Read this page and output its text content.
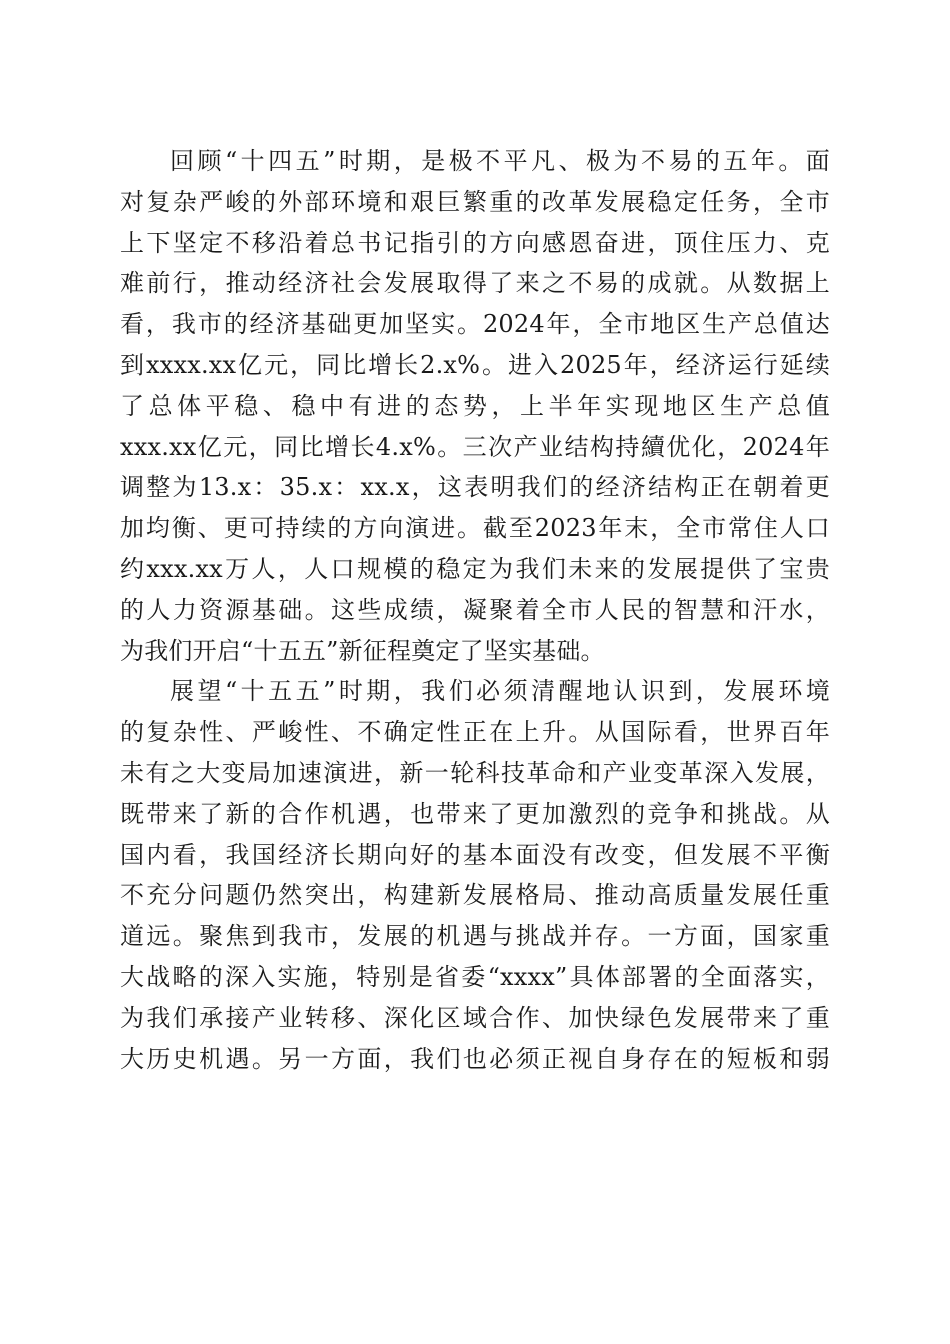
回顾“十四五”时期，是极不平凡、极为不易的五年。面
对复杂严峻的外部环境和艰巨繁重的改革发展稳定任务，全市
上下坚定不移沿着总书记指引的方向感恩奋进，顶住压力、克
难前行，推动经济社会发展取得了来之不易的成就。从数据上
看，我市的经济基础更加坚实。2024年，全市地区生产总值达
到xxxx.xx亿元，同比增长2.x%。进入2025年，经济运行延续
了总体平稳、稳中有进的态势，上半年实现地区生产总值
xxx.xx亿元，同比增长4.x%。三次产业结构持續优化，2024年
调整为13.x：35.x：xx.x，这表明我们的经济结构正在朝着更
加均衡、更可持续的方向演进。截至2023年末，全市常住人口
约xxx.xx万人，人口规模的稳定为我们未来的发展提供了宝贵
的人力资源基础。这些成绩，凝聚着全市人民的智慧和汗水，
为我们开启“十五五”新征程奠定了坚实基础。
展望“十五五”时期，我们必须清醒地认识到，发展环境
的复杂性、严峻性、不确定性正在上升。从国际看，世界百年
未有之大变局加速演进，新一轮科技革命和产业变革深入发展，
既带来了新的合作机遇，也带来了更加激烈的竞争和挑战。从
国内看，我国经济长期向好的基本面没有改变，但发展不平衡
不充分问题仍然突出，构建新发展格局、推动高质量发展任重
道远。聚焦到我市，发展的机遇与挑战并存。一方面，国家重
大战略的深入实施，特别是省委“xxxx”具体部署的全面落实，
为我们承接产业转移、深化区域合作、加快绿色发展带来了重
大历史机遇。另一方面，我们也必须正视自身存在的短板和弱
